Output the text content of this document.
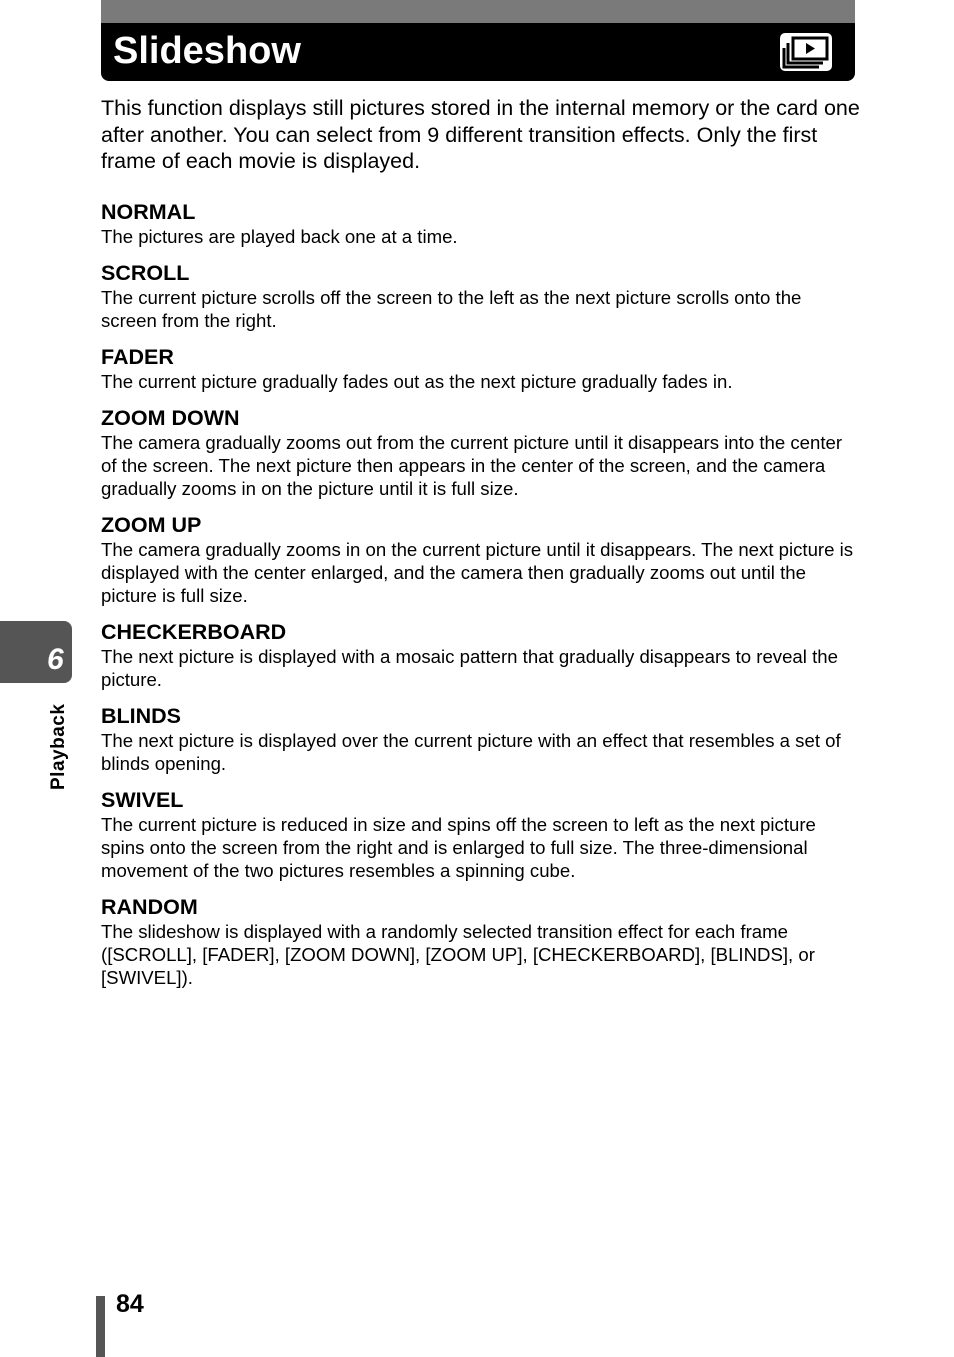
Slideshow

This function displays still pictures stored in the internal memory or the card one after another. You can select from 9 different transition effects. Only the first frame of each movie is displayed.

NORMAL

The pictures are played back one at a time.

SCROLL

The current picture scrolls off the screen to the left as the next picture scrolls onto the screen from the right.

FADER

The current picture gradually fades out as the next picture gradually fades in.

ZOOM DOWN

The camera gradually zooms out from the current picture until it disappears into the center of the screen. The next picture then appears in the center of the screen, and the camera gradually zooms in on the picture until it is full size.

ZOOM UP

The camera gradually zooms in on the current picture until it disappears. The next picture is displayed with the center enlarged, and the camera then gradually zooms out until the picture is full size.

CHECKERBOARD

The next picture is displayed with a mosaic pattern that gradually disappears to reveal the picture.

BLINDS

The next picture is displayed over the current picture with an effect that resembles a set of blinds opening.

SWIVEL

The current picture is reduced in size and spins off the screen to left as the next picture spins onto the screen from the right and is enlarged to full size. The three-dimensional movement of the two pictures resembles a spinning cube.

RANDOM

The slideshow is displayed with a randomly selected transition effect for each frame ([SCROLL], [FADER], [ZOOM DOWN], [ZOOM UP], [CHECKERBOARD], [BLINDS], or [SWIVEL]).

6
Playback
84
